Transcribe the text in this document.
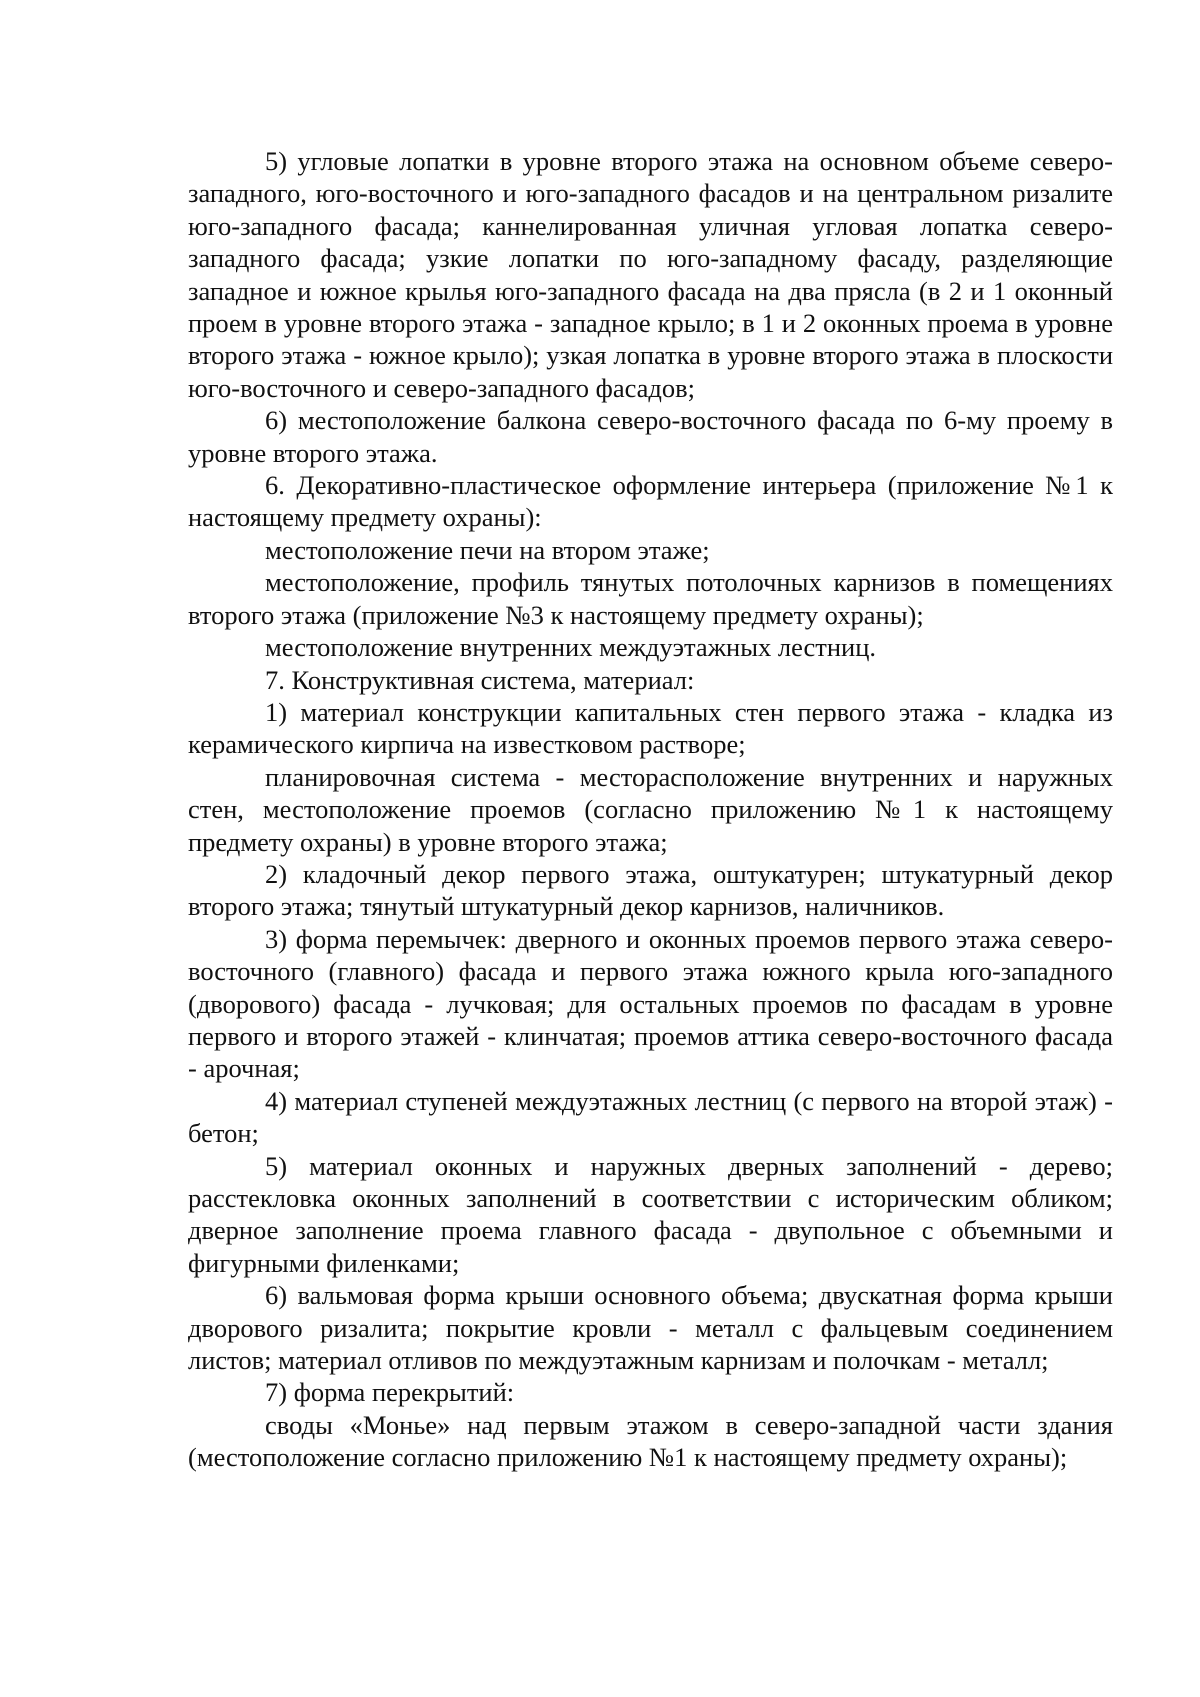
5) угловые лопатки в уровне второго этажа на основном объеме северо-западного, юго-восточного и юго-западного фасадов и на центральном ризалите юго-западного фасада; каннелированная уличная угловая лопатка северо-западного фасада; узкие лопатки по юго-западному фасаду, разделяющие западное и южное крылья юго-западного фасада на два прясла (в 2 и 1 оконный проем в уровне второго этажа - западное крыло; в 1 и 2 оконных проема в уровне второго этажа - южное крыло); узкая лопатка в уровне второго этажа в плоскости юго-восточного и северо-западного фасадов;

6) местоположение балкона северо-восточного фасада по 6-му проему в уровне второго этажа.

6. Декоративно-пластическое оформление интерьера (приложение №1 к настоящему предмету охраны):

местоположение печи на втором этаже;

местоположение, профиль тянутых потолочных карнизов в помещениях второго этажа (приложение №3 к настоящему предмету охраны);

местоположение внутренних междуэтажных лестниц.

7. Конструктивная система, материал:

1) материал конструкции капитальных стен первого этажа - кладка из керамического кирпича на известковом растворе;

планировочная система - месторасположение внутренних и наружных стен, местоположение проемов (согласно приложению №1 к настоящему предмету охраны) в уровне второго этажа;

2) кладочный декор первого этажа, оштукатурен; штукатурный декор второго этажа; тянутый штукатурный декор карнизов, наличников.

3) форма перемычек: дверного и оконных проемов первого этажа северо-восточного (главного) фасада и первого этажа южного крыла юго-западного (дворового) фасада - лучковая; для остальных проемов по фасадам в уровне первого и второго этажей - клинчатая; проемов аттика северо-восточного фасада - арочная;

4) материал ступеней междуэтажных лестниц (с первого на второй этаж) - бетон;

5) материал оконных и наружных дверных заполнений - дерево; расстекловка оконных заполнений в соответствии с историческим обликом; дверное заполнение проема главного фасада - двупольное с объемными и фигурными филенками;

6) вальмовая форма крыши основного объема; двускатная форма крыши дворового ризалита; покрытие кровли - металл с фальцевым соединением листов; материал отливов по междуэтажным карнизам и полочкам - металл;

7) форма перекрытий:

своды «Монье» над первым этажом в северо-западной части здания (местоположение согласно приложению №1 к настоящему предмету охраны);
